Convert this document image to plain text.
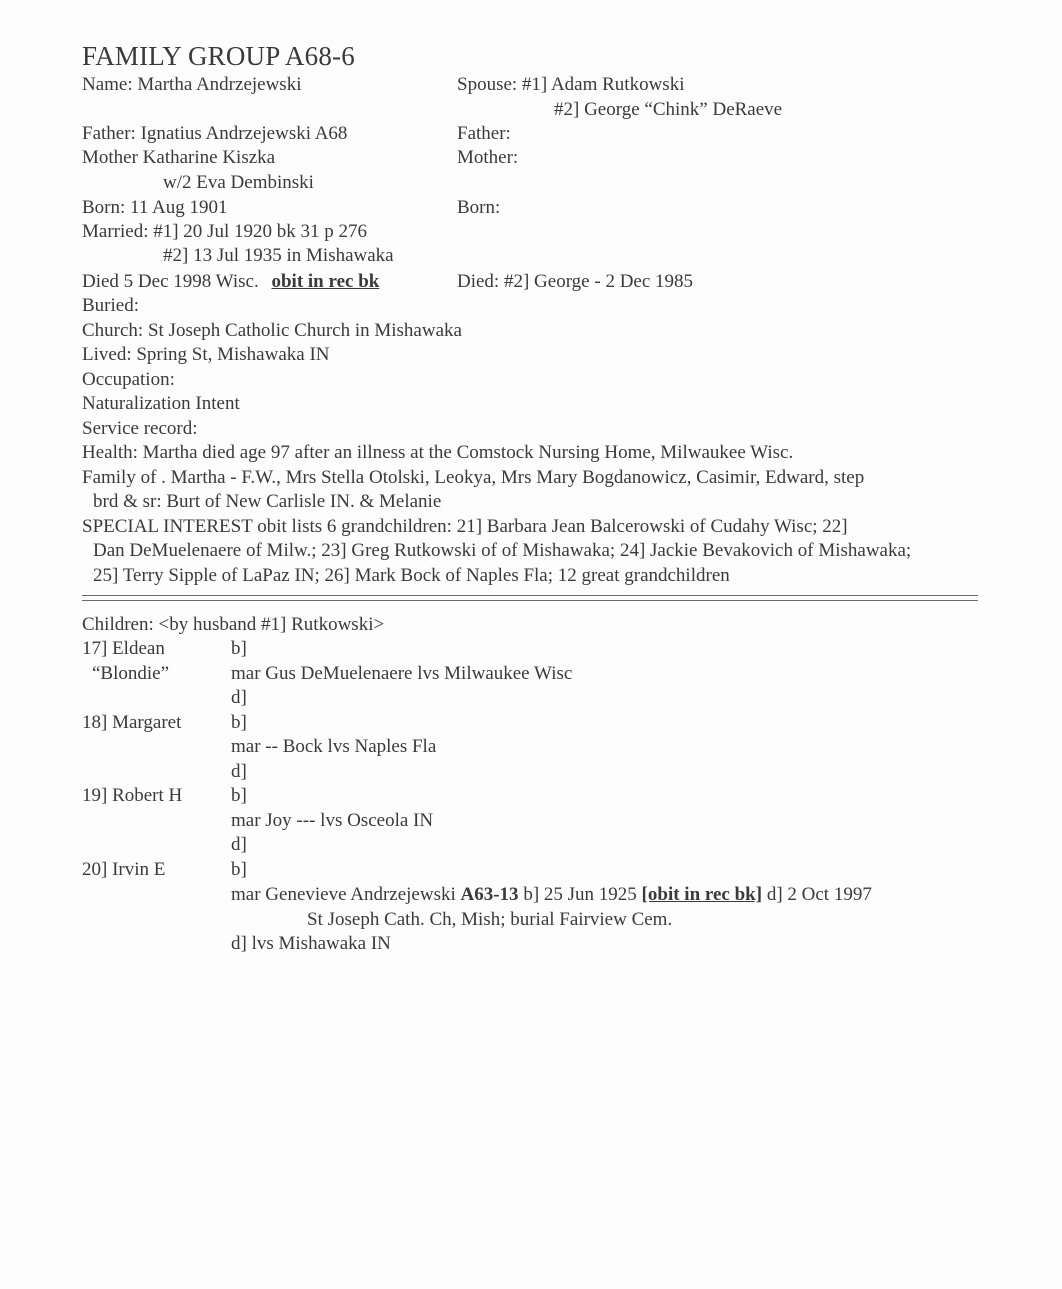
FAMILY GROUP A68-6
Name: Martha Andrzejewski	Spouse: #1] Adam Rutkowski
#2] George “Chink” DeRaeve
Father: Ignatius Andrzejewski A68	Father:
Mother Katharine Kiszka	Mother:
w/2 Eva Dembinski
Born: 11 Aug 1901	Born:
Married: #1] 20 Jul 1920 bk 31 p 276
#2] 13 Jul 1935 in Mishawaka
Died 5 Dec 1998 Wisc. obit in rec bk	Died: #2] George - 2 Dec 1985
Buried:
Church: St Joseph Catholic Church in Mishawaka
Lived: Spring St, Mishawaka IN
Occupation:
Naturalization Intent
Service record:
Health: Martha died age 97 after an illness at the Comstock Nursing Home, Milwaukee Wisc.
Family of . Martha - F.W., Mrs Stella Otolski, Leokya, Mrs Mary Bogdanowicz, Casimir, Edward, step
brd & sr: Burt of New Carlisle IN. & Melanie
SPECIAL INTEREST obit lists 6 grandchildren: 21] Barbara Jean Balcerowski of Cudahy Wisc; 22]
Dan DeMuelenaere of Milw.; 23] Greg Rutkowski of of Mishawaka; 24] Jackie Bevakovich of Mishawaka;
25] Terry Sipple of LaPaz IN; 26] Mark Bock of Naples Fla; 12 great grandchildren
Children: <by husband #1] Rutkowski>
17] Eldean	b]
“Blondie”	mar Gus DeMuelenaere lvs Milwaukee Wisc
d]
18] Margaret	b]
mar -- Bock lvs Naples Fla
d]
19] Robert H	b]
mar Joy --- lvs Osceola IN
d]
20] Irvin E	b]
mar Genevieve Andrzejewski A63-13 b] 25 Jun 1925 [obit in rec bk] d] 2 Oct 1997
St Joseph Cath. Ch, Mish; burial Fairview Cem.
d] lvs Mishawaka IN
